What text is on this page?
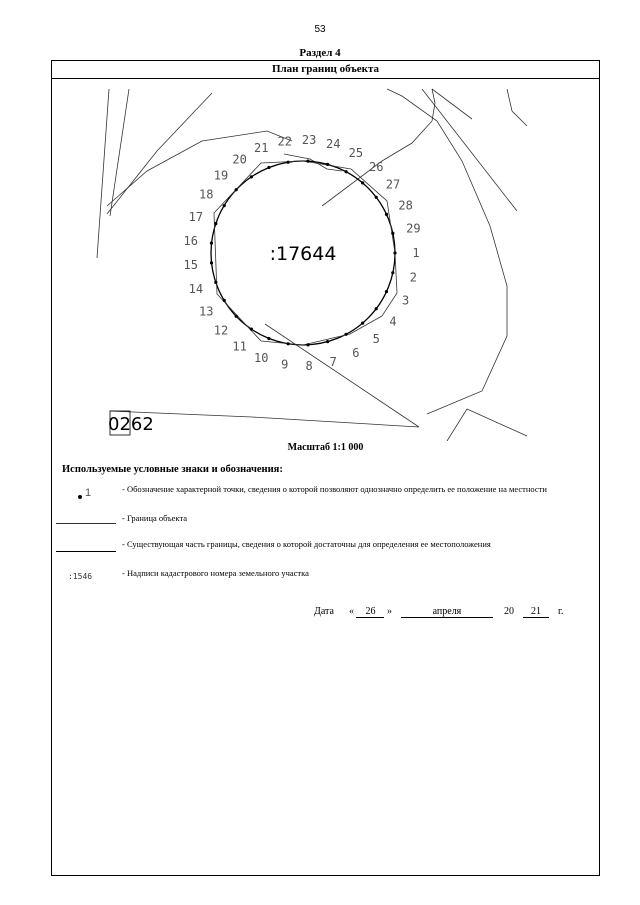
53
Раздел 4
План границ объекта
0262
1
2
3
4
5
6
7
8
9
10
11
12
13
14
15
16
17
18
19
20
21 22 23 24
25
26
27
28
29
:17644
Масштаб 1:1 000
Используемые условные знаки и обозначения:
1	- Обозначение характерной точки, сведения о которой позволяют однозначно определить ее положение на местности
- Граница объекта
- Существующая часть границы, сведения о которой достаточны для определения ее местоположения
:1546	- Надписи кадастрового номера земельного участка
Дата « 26 »	апреля	20 21 г.
